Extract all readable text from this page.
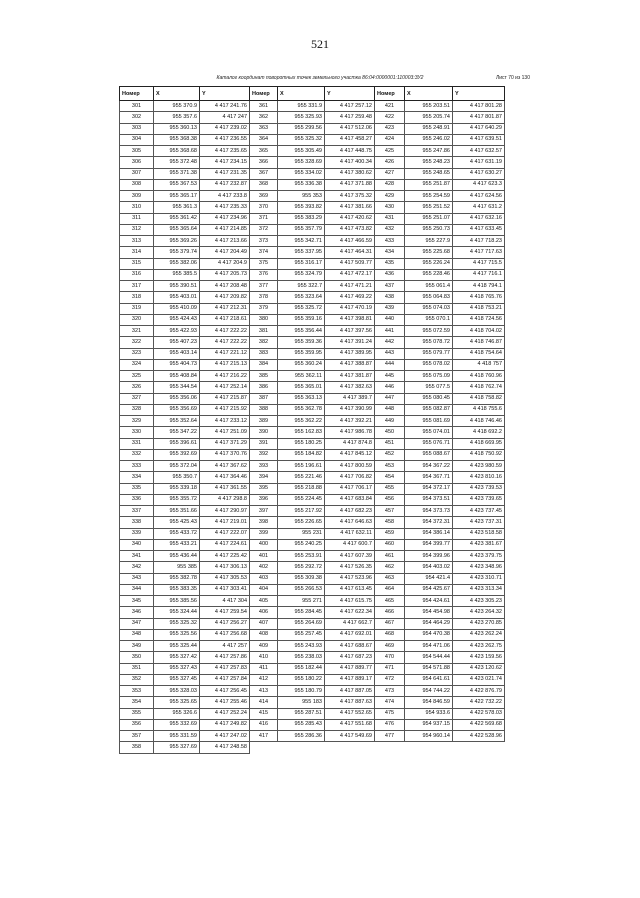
521
Каталог координат поворотных точек земельного участка 86:04:0000001:110003:ЗУ2	Лист 70 из 130
Номер	X	Y
301	955 370.9	4 417 241.76
302	955 357.6	4 417 247
303	955 360.13	4 417 239.02
304	955 368.38	4 417 236.55
305	955 368.68	4 417 235.65
306	955 372.48	4 417 234.15
307	955 371.38	4 417 231.35
308	955 367.53	4 417 232.87
309	955 365.17	4 417 233.8
310	955 361.3	4 417 235.33
311	955 361.42	4 417 234.96
312	955 365.64	4 417 214.85
313	955 369.26	4 417 213.66
314	955 379.74	4 417 204.49
315	955 382.06	4 417 204.9
316	955 385.5	4 417 205.73
317	955 390.51	4 417 208.48
318	955 403.01	4 417 209.82
319	955 410.09	4 417 212.31
320	955 424.43	4 417 218.61
321	955 422.93	4 417 222.22
322	955 407.23	4 417 222.22
323	955 403.14	4 417 221.12
324	955 404.73	4 417 215.13
325	955 408.84	4 417 216.22
326	955 344.54	4 417 252.14
327	955 356.06	4 417 215.87
328	955 356.69	4 417 215.92
329	955 352.64	4 417 233.12
330	955 347.22	4 417 251.09
331	955 396.61	4 417 371.29
332	955 392.69	4 417 370.76
333	955 372.04	4 417 367.62
334	955 350.7	4 417 364.46
335	955 339.18	4 417 361.55
336	955 355.72	4 417 298.8
337	955 351.66	4 417 290.97
338	955 425.43	4 417 219.01
339	955 433.72	4 417 222.07
340	955 433.21	4 417 224.61
341	955 436.44	4 417 225.42
342	955 385	4 417 306.13
343	955 382.78	4 417 305.53
344	955 383.35	4 417 303.41
345	955 385.56	4 417 304
346	955 324.44	4 417 259.54
347	955 325.32	4 417 256.27
348	955 325.56	4 417 256.68
349	955 325.44	4 417 257
350	955 327.42	4 417 257.86
351	955 327.43	4 417 257.83
352	955 327.45	4 417 257.84
353	955 328.03	4 417 256.45
354	955 325.65	4 417 255.46
355	955 326.6	4 417 252.24
356	955 332.69	4 417 249.82
357	955 331.59	4 417 247.02
358	955 327.69	4 417 248.58
Номер	X	Y
361	955 331.9	4 417 257.12
362	955 325.93	4 417 259.48
363	955 299.56	4 417 512.06
364	955 325.32	4 417 458.27
365	955 305.49	4 417 448.75
366	955 328.69	4 417 400.34
367	955 334.02	4 417 380.62
368	955 336.38	4 417 371.88
369	955 353	4 417 375.32
370	955 393.82	4 417 381.66
371	955 383.29	4 417 420.62
372	955 357.79	4 417 473.82
373	955 342.71	4 417 466.59
374	955 337.95	4 417 464.31
375	955 316.17	4 417 509.77
376	955 324.79	4 417 472.17
377	955 322.7	4 417 471.21
378	955 323.64	4 417 469.22
379	955 325.72	4 417 470.19
380	955 359.16	4 417 398.81
381	955 356.44	4 417 397.56
382	955 359.36	4 417 391.24
383	955 359.95	4 417 389.95
384	955 360.24	4 417 388.87
385	955 362.11	4 417 381.87
386	955 365.01	4 417 382.63
387	955 363.13	4 417 389.7
388	955 362.78	4 417 390.99
389	955 362.22	4 417 392.21
390	955 162.83	4 417 986.78
391	955 180.25	4 417 874.8
392	955 184.82	4 417 845.12
393	955 196.61	4 417 800.59
394	955 221.46	4 417 706.82
395	955 218.88	4 417 706.17
396	955 224.45	4 417 683.84
397	955 217.92	4 417 682.23
398	955 226.65	4 417 646.63
399	955 231	4 417 632.11
400	955 240.25	4 417 600.7
401	955 253.91	4 417 607.39
402	955 292.72	4 417 526.35
403	955 309.38	4 417 523.96
404	955 266.53	4 417 613.45
405	955 271	4 417 615.75
406	955 284.45	4 417 622.34
407	955 264.69	4 417 662.7
408	955 257.45	4 417 692.01
409	955 243.93	4 417 688.67
410	955 238.03	4 417 687.23
411	955 182.44	4 417 889.77
412	955 180.22	4 417 889.17
413	955 180.79	4 417 887.05
414	955 183	4 417 887.63
415	955 287.51	4 417 552.65
416	955 285.43	4 417 551.68
417	955 286.36	4 417 549.69
Номер	X	Y
421	955 203.51	4 417 801.28
422	955 205.74	4 417 801.87
423	955 248.91	4 417 640.29
424	955 246.02	4 417 639.51
425	955 247.86	4 417 632.57
426	955 248.23	4 417 631.19
427	955 248.65	4 417 630.27
428	955 251.87	4 417 623.3
429	955 254.59	4 417 624.56
430	955 251.52	4 417 631.2
431	955 251.07	4 417 632.16
432	955 250.73	4 417 633.45
433	955 227.9	4 417 718.23
434	955 225.68	4 417 717.63
435	955 226.24	4 417 715.5
436	955 228.46	4 417 716.1
437	955 061.4	4 418 794.1
438	955 064.83	4 418 765.76
439	955 074.03	4 418 753.21
440	955 070.1	4 418 724.56
441	955 072.59	4 418 704.02
442	955 078.72	4 418 746.87
443	955 079.77	4 418 754.64
444	955 078.02	4 418 757
445	955 075.09	4 418 760.96
446	955 077.5	4 418 762.74
447	955 080.45	4 418 758.82
448	955 082.87	4 418 755.6
449	955 081.69	4 418 746.46
450	955 074.01	4 418 692.2
451	955 076.71	4 418 669.95
452	955 088.67	4 418 750.92
453	954 367.22	4 423 980.59
454	954 367.71	4 423 810.16
455	954 372.17	4 423 739.53
456	954 373.51	4 423 739.65
457	954 373.73	4 423 737.45
458	954 372.31	4 423 737.31
459	954 386.14	4 423 518.58
460	954 399.77	4 423 381.67
461	954 399.96	4 423 379.75
462	954 403.02	4 423 348.96
463	954 421.4	4 423 310.71
464	954 425.67	4 423 313.34
465	954 424.61	4 423 305.23
466	954 454.98	4 423 264.32
467	954 464.29	4 423 270.85
468	954 470.38	4 423 262.24
469	954 471.06	4 423 262.75
470	954 544.44	4 423 159.56
471	954 571.88	4 423 120.62
472	954 641.61	4 423 021.74
473	954 744.22	4 422 876.79
474	954 846.59	4 422 732.22
475	954 933.6	4 422 578.03
476	954 937.15	4 422 569.68
477	954 960.14	4 422 528.96
